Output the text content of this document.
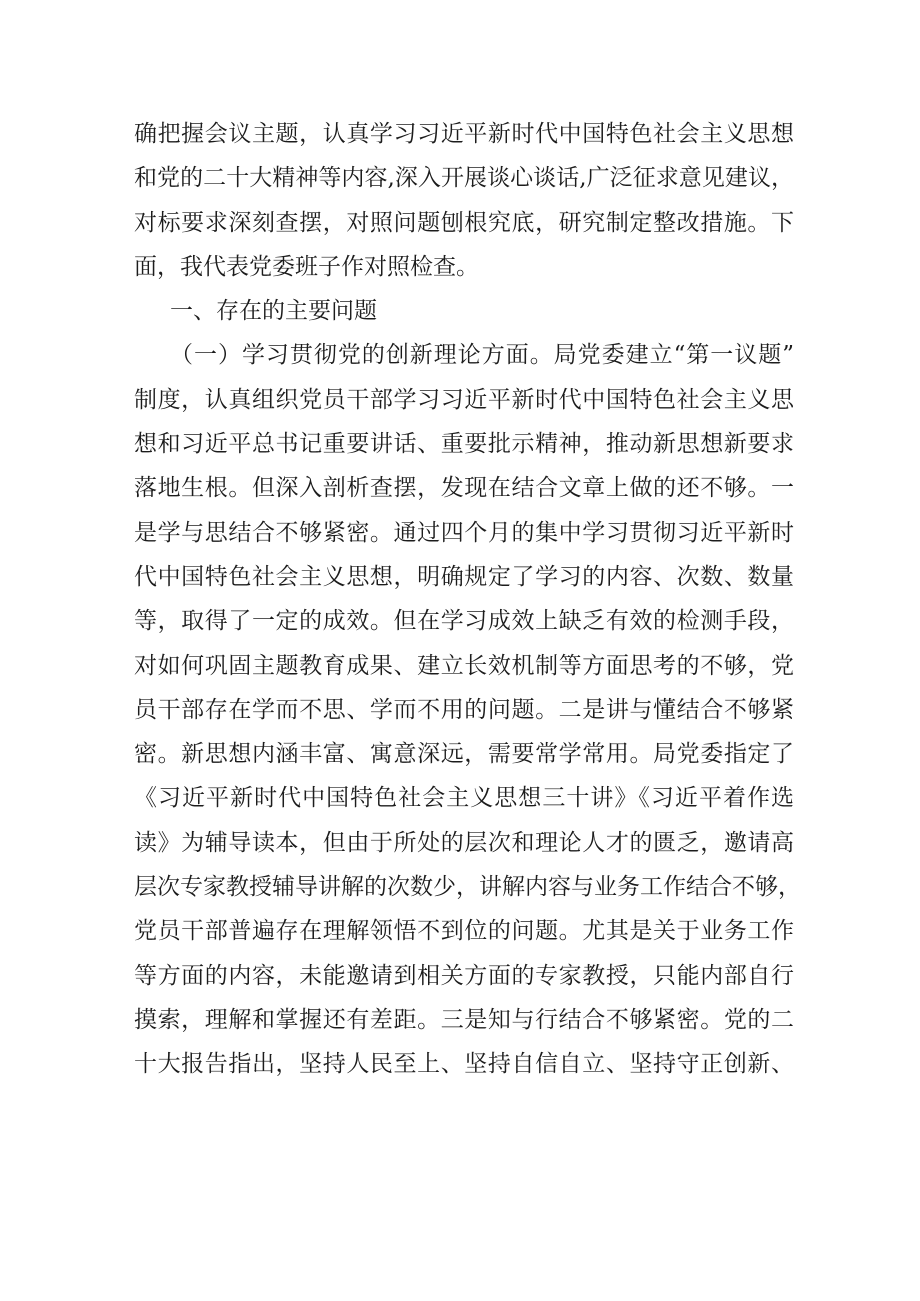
确把握会议主题，认真学习习近平新时代中国特色社会主义思想
和党的二十大精神等内容,深入开展谈心谈话,广泛征求意见建议，
对标要求深刻查摆，对照问题刨根究底，研究制定整改措施。下
面，我代表党委班子作对照检查。
一、存在的主要问题
（一）学习贯彻党的创新理论方面。局党委建立“第一议题”
制度，认真组织党员干部学习习近平新时代中国特色社会主义思
想和习近平总书记重要讲话、重要批示精神，推动新思想新要求
落地生根。但深入剖析查摆，发现在结合文章上做的还不够。一
是学与思结合不够紧密。通过四个月的集中学习贯彻习近平新时
代中国特色社会主义思想，明确规定了学习的内容、次数、数量
等，取得了一定的成效。但在学习成效上缺乏有效的检测手段，
对如何巩固主题教育成果、建立长效机制等方面思考的不够，党
员干部存在学而不思、学而不用的问题。二是讲与懂结合不够紧
密。新思想内涵丰富、寓意深远，需要常学常用。局党委指定了
《习近平新时代中国特色社会主义思想三十讲》《习近平着作选
读》为辅导读本，但由于所处的层次和理论人才的匮乏，邀请高
层次专家教授辅导讲解的次数少，讲解内容与业务工作结合不够，
党员干部普遍存在理解领悟不到位的问题。尤其是关于业务工作
等方面的内容，未能邀请到相关方面的专家教授，只能内部自行
摸索，理解和掌握还有差距。三是知与行结合不够紧密。党的二
十大报告指出，坚持人民至上、坚持自信自立、坚持守正创新、
